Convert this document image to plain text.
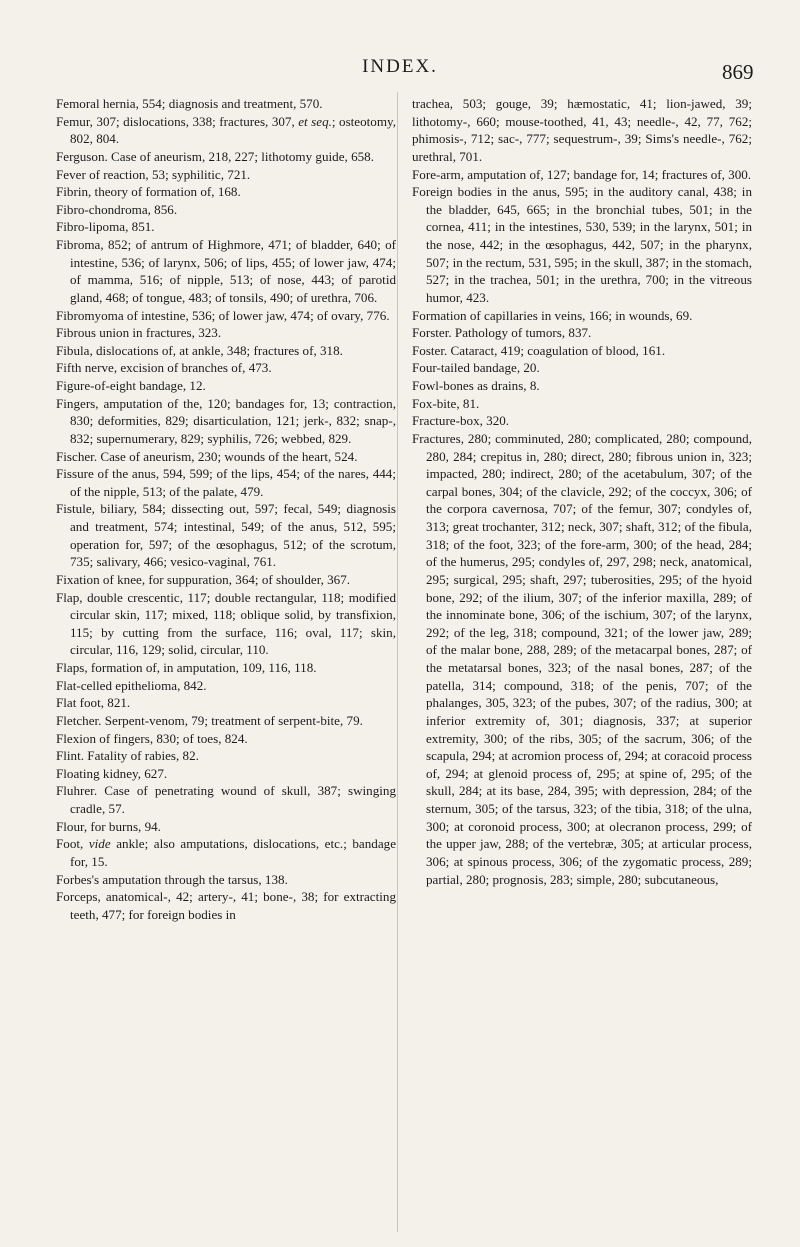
INDEX.	869

Femoral hernia, 554; diagnosis and treatment, 570.

Femur, 307; dislocations, 338; fractures, 307, et seq.; osteotomy, 802, 804.

Ferguson. Case of aneurism, 218, 227; lithotomy guide, 658.

Fever of reaction, 53; syphilitic, 721.

Fibrin, theory of formation of, 168.

Fibro-chondroma, 856.

Fibro-lipoma, 851.

Fibroma, 852; of antrum of Highmore, 471; of bladder, 640; of intestine, 536; of larynx, 506; of lips, 455; of lower jaw, 474; of mamma, 516; of nipple, 513; of nose, 443; of parotid gland, 468; of tongue, 483; of tonsils, 490; of urethra, 706.

Fibromyoma of intestine, 536; of lower jaw, 474; of ovary, 776.

Fibrous union in fractures, 323.

Fibula, dislocations of, at ankle, 348; fractures of, 318.

Fifth nerve, excision of branches of, 473.

Figure-of-eight bandage, 12.

Fingers, amputation of the, 120; bandages for, 13; contraction, 830; deformities, 829; disarticulation, 121; jerk-, 832; snap-, 832; supernumerary, 829; syphilis, 726; webbed, 829.

Fischer. Case of aneurism, 230; wounds of the heart, 524.

Fissure of the anus, 594, 599; of the lips, 454; of the nares, 444; of the nipple, 513; of the palate, 479.

Fistule, biliary, 584; dissecting out, 597; fecal, 549; diagnosis and treatment, 574; intestinal, 549; of the anus, 512, 595; operation for, 597; of the œsophagus, 512; of the scrotum, 735; salivary, 466; vesico-vaginal, 761.

Fixation of knee, for suppuration, 364; of shoulder, 367.

Flap, double crescentic, 117; double rectangular, 118; modified circular skin, 117; mixed, 118; oblique solid, by transfixion, 115; by cutting from the surface, 116; oval, 117; skin, circular, 116, 129; solid, circular, 110.

Flaps, formation of, in amputation, 109, 116, 118.

Flat-celled epithelioma, 842.

Flat foot, 821.

Fletcher. Serpent-venom, 79; treatment of serpent-bite, 79.

Flexion of fingers, 830; of toes, 824.

Flint. Fatality of rabies, 82.

Floating kidney, 627.

Fluhrer. Case of penetrating wound of skull, 387; swinging cradle, 57.

Flour, for burns, 94.

Foot, vide ankle; also amputations, dislocations, etc.; bandage for, 15.

Forbes's amputation through the tarsus, 138.

Forceps, anatomical-, 42; artery-, 41; bone-, 38; for extracting teeth, 477; for foreign bodies in

trachea, 503; gouge, 39; hæmostatic, 41; lion-jawed, 39; lithotomy-, 660; mouse-toothed, 41, 43; needle-, 42, 77, 762; phimosis-, 712; sac-, 777; sequestrum-, 39; Sims's needle-, 762; urethral, 701.

Fore-arm, amputation of, 127; bandage for, 14; fractures of, 300.

Foreign bodies in the anus, 595; in the auditory canal, 438; in the bladder, 645, 665; in the bronchial tubes, 501; in the cornea, 411; in the intestines, 530, 539; in the larynx, 501; in the nose, 442; in the œsophagus, 442, 507; in the pharynx, 507; in the rectum, 531, 595; in the skull, 387; in the stomach, 527; in the trachea, 501; in the urethra, 700; in the vitreous humor, 423.

Formation of capillaries in veins, 166; in wounds, 69.

Forster. Pathology of tumors, 837.

Foster. Cataract, 419; coagulation of blood, 161.

Four-tailed bandage, 20.

Fowl-bones as drains, 8.

Fox-bite, 81.

Fracture-box, 320.

Fractures, 280; comminuted, 280; complicated, 280; compound, 280, 284; crepitus in, 280; direct, 280; fibrous union in, 323; impacted, 280; indirect, 280; of the acetabulum, 307; of the carpal bones, 304; of the clavicle, 292; of the coccyx, 306; of the corpora cavernosa, 707; of the femur, 307; condyles of, 313; great trochanter, 312; neck, 307; shaft, 312; of the fibula, 318; of the foot, 323; of the fore-arm, 300; of the head, 284; of the humerus, 295; condyles of, 297, 298; neck, anatomical, 295; surgical, 295; shaft, 297; tuberosities, 295; of the hyoid bone, 292; of the ilium, 307; of the inferior maxilla, 289; of the innominate bone, 306; of the ischium, 307; of the larynx, 292; of the leg, 318; compound, 321; of the lower jaw, 289; of the malar bone, 288, 289; of the metacarpal bones, 287; of the metatarsal bones, 323; of the nasal bones, 287; of the patella, 314; compound, 318; of the penis, 707; of the phalanges, 305, 323; of the pubes, 307; of the radius, 300; at inferior extremity of, 301; diagnosis, 337; at superior extremity, 300; of the ribs, 305; of the sacrum, 306; of the scapula, 294; at acromion process of, 294; at coracoid process of, 294; at glenoid process of, 295; at spine of, 295; of the skull, 284; at its base, 284, 395; with depression, 284; of the sternum, 305; of the tarsus, 323; of the tibia, 318; of the ulna, 300; at coronoid process, 300; at olecranon process, 299; of the upper jaw, 288; of the vertebræ, 305; at articular process, 306; at spinous process, 306; of the zygomatic process, 289; partial, 280; prognosis, 283; simple, 280; subcutaneous,
